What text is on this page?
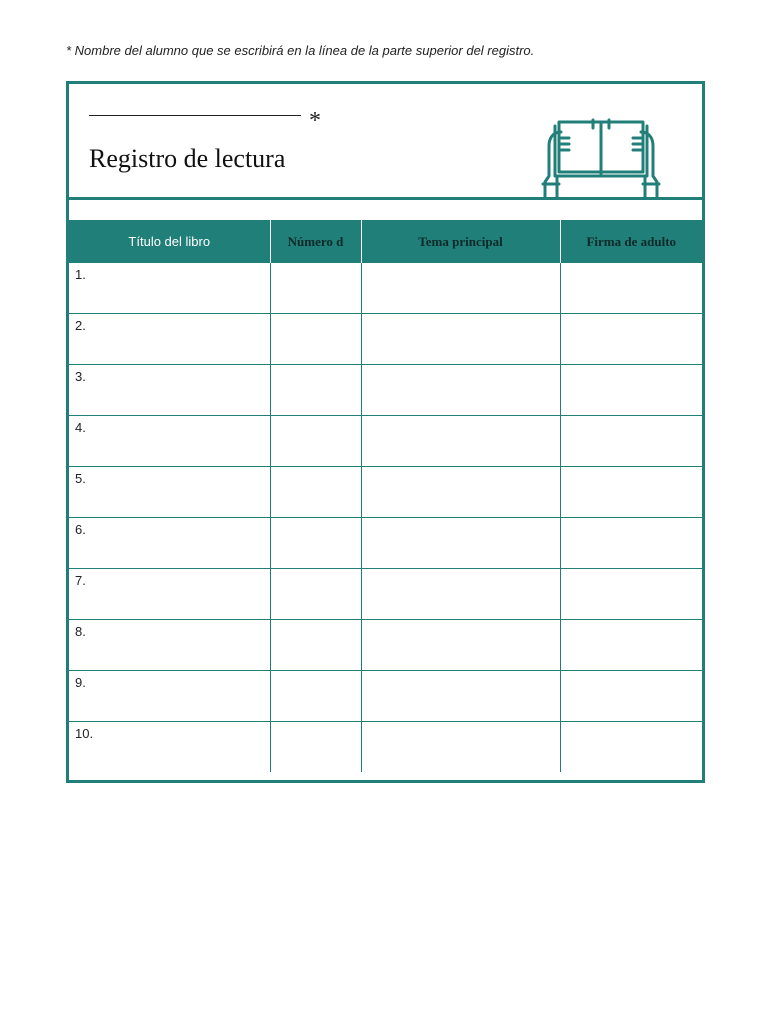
* Nombre del alumno que se escribirá en la línea de la parte superior del registro.
*
Registro de lectura
Título del libro	Número d	Tema principal	Firma de adulto

1.			

2.			

3.			

4.			

5.			

6.			

7.			

8.			

9.			

10.			
